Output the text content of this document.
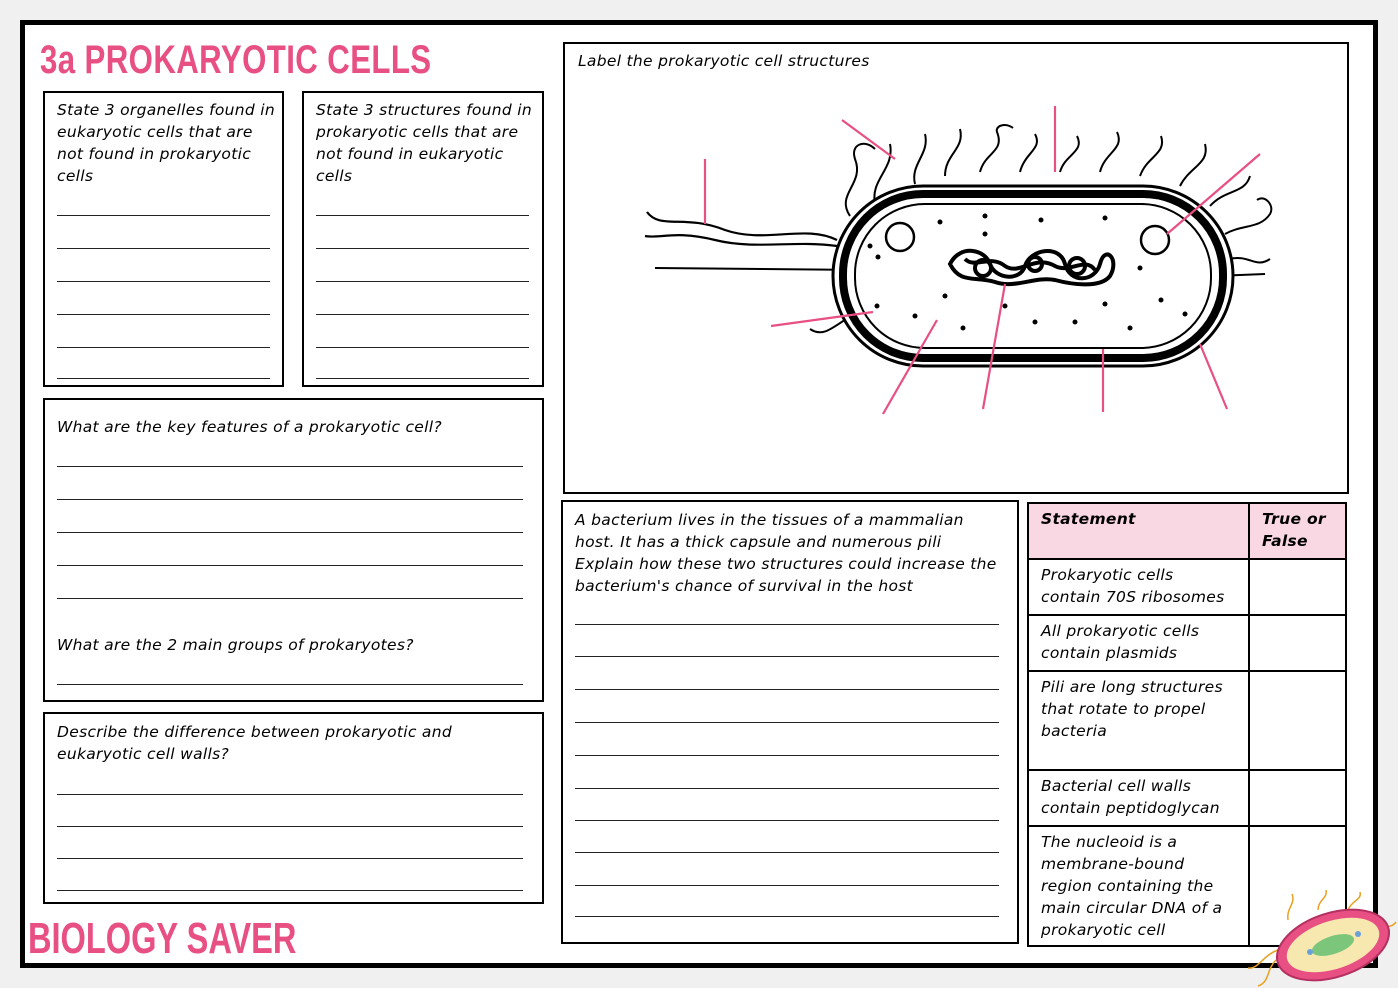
3a PROKARYOTIC CELLS
State 3 organelles found in eukaryotic cells that are not found in prokaryotic cells
State 3 structures found in prokaryotic cells that are not found in eukaryotic cells
What are the key features of a prokaryotic cell?
What are the 2 main groups of prokaryotes?
Describe the difference between prokaryotic and eukaryotic cell walls?
Label the prokaryotic cell structures
A bacterium lives in the tissues of a mammalian host. It has a thick capsule and numerous pili Explain how these two structures could increase the bacterium's chance of survival in the host
Statement	True or False
Prokaryotic cells contain 70S ribosomes	
All prokaryotic cells contain plasmids	
Pili are long structures that rotate to propel bacteria	
Bacterial cell walls contain peptidoglycan	
The nucleoid is a membrane-bound region containing the main circular DNA of a prokaryotic cell	
BIOLOGY SAVER
